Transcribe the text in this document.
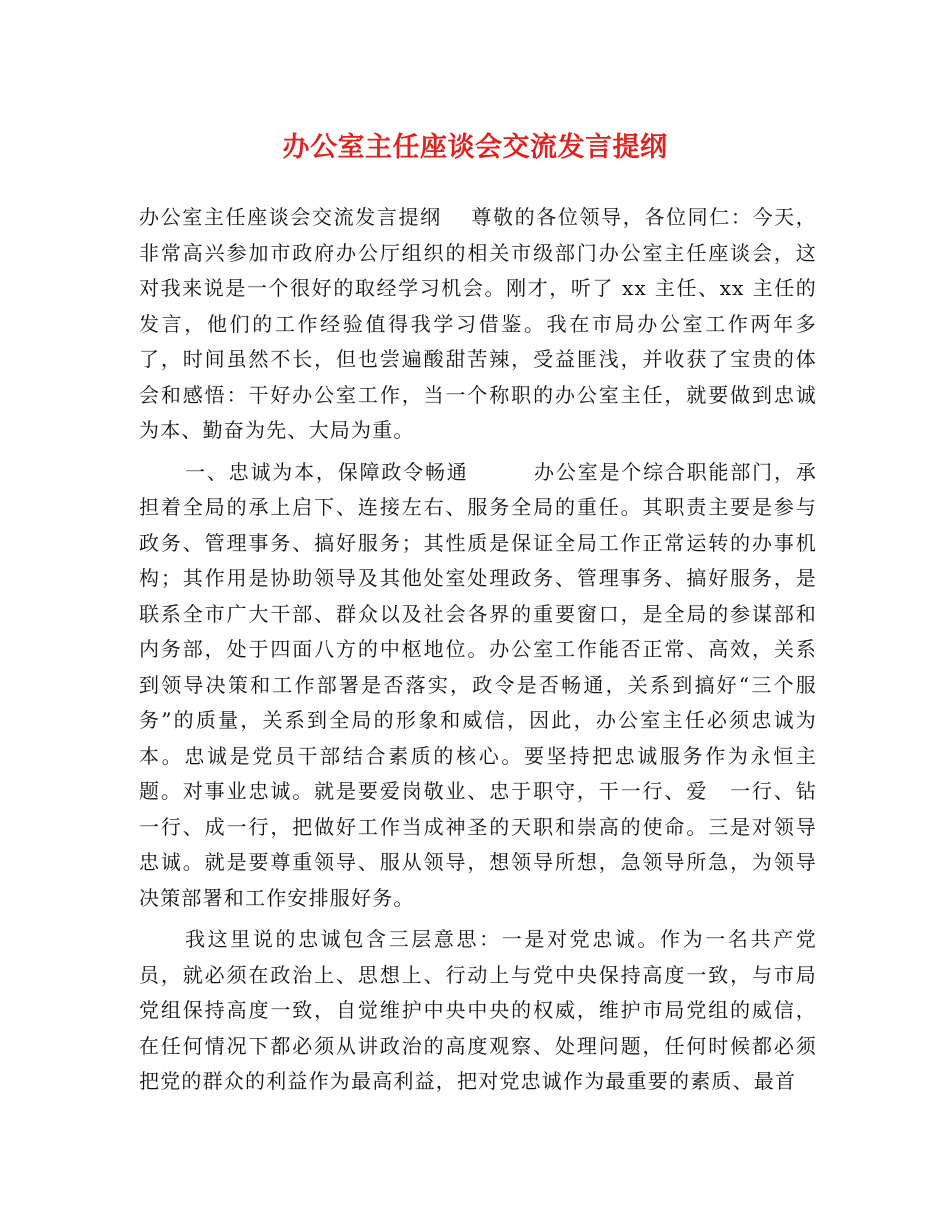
办公室主任座谈会交流发言提纲

办公室主任座谈会交流发言提纲　 尊敬的各位领导，各位同仁：今天，非常高兴参加市政府办公厅组织的相关市级部门办公室主任座谈会，这对我来说是一个很好的取经学习机会。刚才，听了 xx 主任、xx 主任的发言，他们的工作经验值得我学习借鉴。我在市局办公室工作两年多了，时间虽然不长，但也尝遍酸甜苦辣，受益匪浅，并收获了宝贵的体会和感悟：干好办公室工作，当一个称职的办公室主任，就要做到忠诚为本、勤奋为先、大局为重。

一、忠诚为本，保障政令畅通　　　办公室是个综合职能部门，承担着全局的承上启下、连接左右、服务全局的重任。其职责主要是参与政务、管理事务、搞好服务；其性质是保证全局工作正常运转的办事机构；其作用是协助领导及其他处室处理政务、管理事务、搞好服务，是联系全市广大干部、群众以及社会各界的重要窗口，是全局的参谋部和内务部，处于四面八方的中枢地位。办公室工作能否正常、高效，关系到领导决策和工作部署是否落实，政令是否畅通，关系到搞好“三个服务”的质量，关系到全局的形象和威信，因此，办公室主任必须忠诚为本。忠诚是党员干部结合素质的核心。要坚持把忠诚服务作为永恒主题。对事业忠诚。就是要爱岗敬业、忠于职守，干一行、爱　一行、钻一行、成一行，把做好工作当成神圣的天职和崇高的使命。三是对领导忠诚。就是要尊重领导、服从领导，想领导所想，急领导所急，为领导决策部署和工作安排服好务。

我这里说的忠诚包含三层意思：一是对党忠诚。作为一名共产党员，就必须在政治上、思想上、行动上与党中央保持高度一致，与市局党组保持高度一致，自觉维护中央中央的权威，维护市局党组的威信，在任何情况下都必须从讲政治的高度观察、处理问题，任何时候都必须把党的群众的利益作为最高利益，把对党忠诚作为最重要的素质、最首
